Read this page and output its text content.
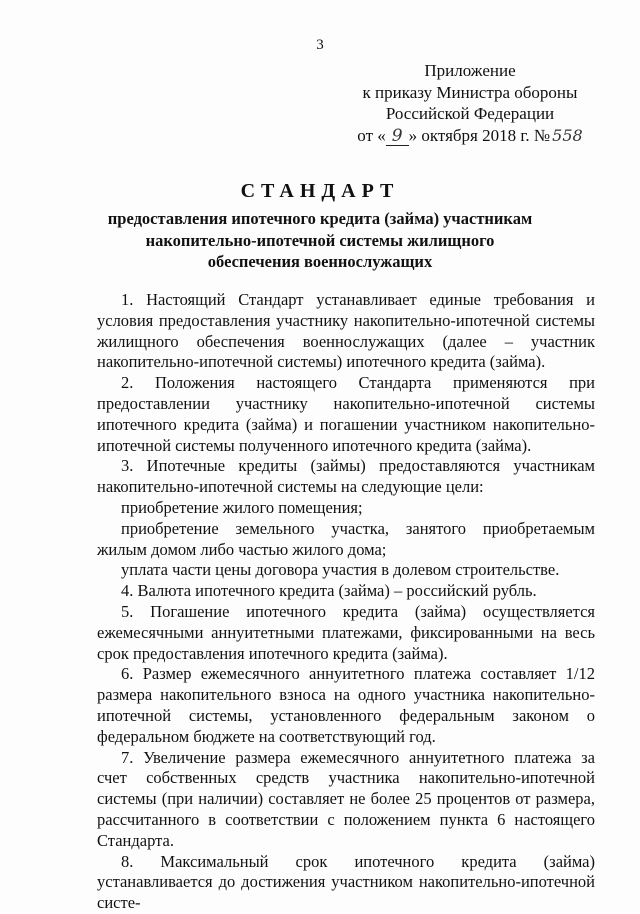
3
Приложение
к приказу Министра обороны
Российской Федерации
от « 9 » октября 2018 г. № 558
СТАНДАРТ
предоставления ипотечного кредита (займа) участникам
накопительно-ипотечной системы жилищного
обеспечения военнослужащих

1. Настоящий Стандарт устанавливает единые требования и условия предоставления участнику накопительно-ипотечной системы жилищного обеспечения военнослужащих (далее – участник накопительно-ипотечной системы) ипотечного кредита (займа).

2. Положения настоящего Стандарта применяются при предоставлении участнику накопительно-ипотечной системы ипотечного кредита (займа) и погашении участником накопительно-ипотечной системы полученного ипотечного кредита (займа).

3. Ипотечные кредиты (займы) предоставляются участникам накопительно-ипотечной системы на следующие цели:

приобретение жилого помещения;

приобретение земельного участка, занятого приобретаемым жилым домом либо частью жилого дома;

уплата части цены договора участия в долевом строительстве.

4. Валюта ипотечного кредита (займа) – российский рубль.

5. Погашение ипотечного кредита (займа) осуществляется ежемесячными аннуитетными платежами, фиксированными на весь срок предоставления ипотечного кредита (займа).

6. Размер ежемесячного аннуитетного платежа составляет 1/12 размера накопительного взноса на одного участника накопительно-ипотечной системы, установленного федеральным законом о федеральном бюджете на соответствующий год.

7. Увеличение размера ежемесячного аннуитетного платежа за счет собственных средств участника накопительно-ипотечной системы (при наличии) составляет не более 25 процентов от размера, рассчитанного в соответствии с положением пункта 6 настоящего Стандарта.

8. Максимальный срок ипотечного кредита (займа) устанавливается до достижения участником накопительно-ипотечной систе-
